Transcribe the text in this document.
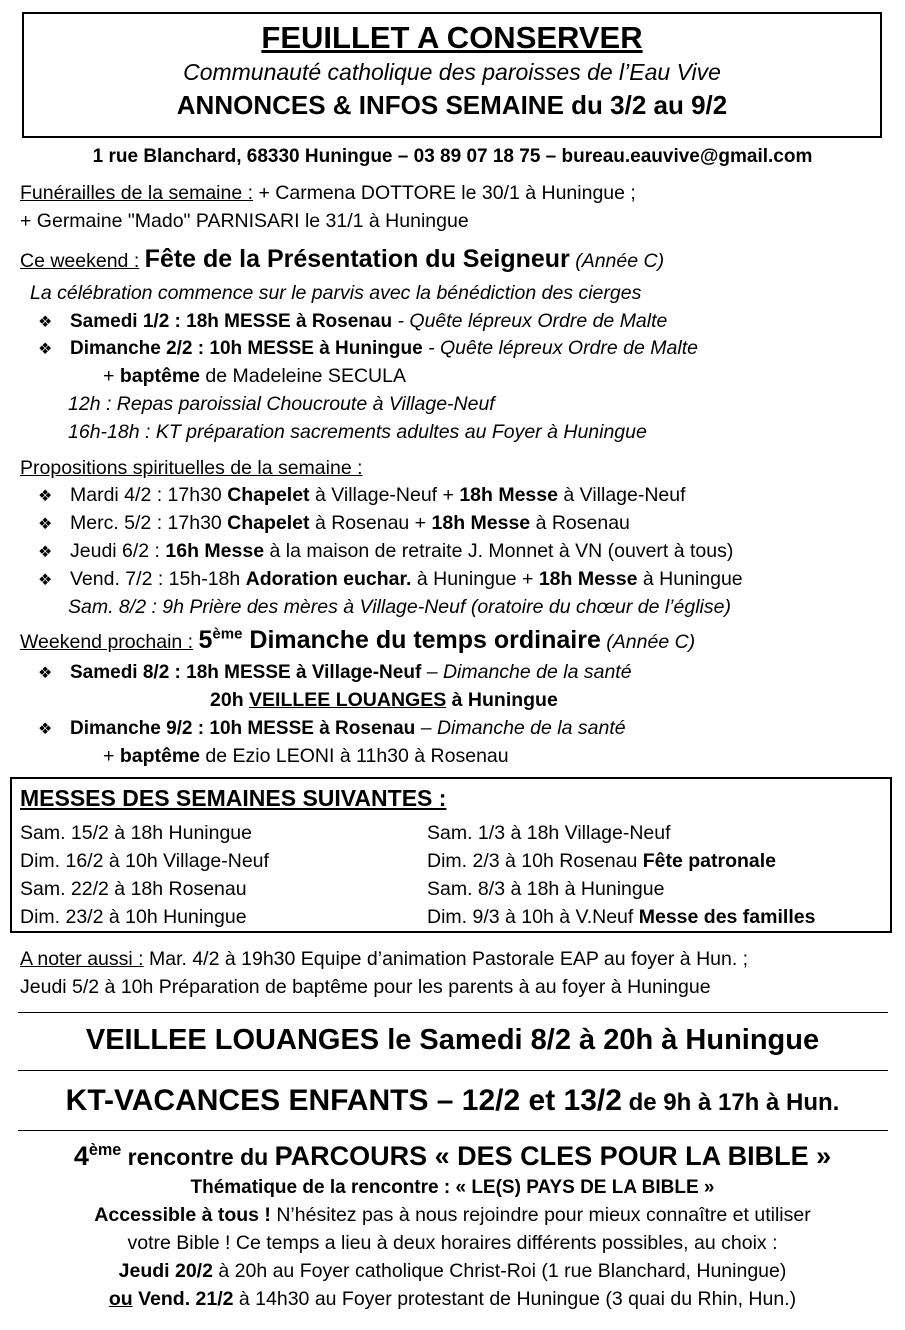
FEUILLET A CONSERVER
Communauté catholique des paroisses de l’Eau Vive
ANNONCES & INFOS SEMAINE du 3/2 au 9/2
1 rue Blanchard, 68330 Huningue – 03 89 07 18 75 – bureau.eauvive@gmail.com
Funérailles de la semaine : + Carmena DOTTORE le 30/1 à Huningue ;
+ Germaine "Mado" PARNISARI le 31/1 à Huningue
Ce weekend : Fête de la Présentation du Seigneur (Année C)
La célébration commence sur le parvis avec la bénédiction des cierges
❖ Samedi 1/2 : 18h MESSE à Rosenau - Quête lépreux Ordre de Malte
❖ Dimanche 2/2 : 10h MESSE à Huningue - Quête lépreux Ordre de Malte
+ baptême de Madeleine SECULA
12h : Repas paroissial Choucroute à Village-Neuf
16h-18h : KT préparation sacrements adultes au Foyer à Huningue
Propositions spirituelles de la semaine :
❖ Mardi 4/2 : 17h30 Chapelet à Village-Neuf + 18h Messe à Village-Neuf
❖ Merc. 5/2 : 17h30 Chapelet à Rosenau + 18h Messe à Rosenau
❖ Jeudi 6/2 : 16h Messe à la maison de retraite J. Monnet à VN (ouvert à tous)
❖ Vend. 7/2 : 15h-18h Adoration euchar. à Huningue + 18h Messe à Huningue
Sam. 8/2 : 9h Prière des mères à Village-Neuf (oratoire du chœur de l’église)
Weekend prochain : 5ème Dimanche du temps ordinaire (Année C)
❖ Samedi 8/2 : 18h MESSE à Village-Neuf – Dimanche de la santé
20h VEILLEE LOUANGES à Huningue
❖ Dimanche 9/2 : 10h MESSE à Rosenau – Dimanche de la santé
+ baptême de Ezio LEONI à 11h30 à Rosenau
MESSES DES SEMAINES SUIVANTES :
Sam. 15/2 à 18h Huningue
Dim. 16/2 à 10h Village-Neuf
Sam. 22/2 à 18h Rosenau
Dim. 23/2 à 10h Huningue
Sam. 1/3 à 18h Village-Neuf
Dim. 2/3 à 10h Rosenau Fête patronale
Sam. 8/3 à 18h à Huningue
Dim. 9/3 à 10h à V.Neuf Messe des familles
A noter aussi : Mar. 4/2 à 19h30 Equipe d’animation Pastorale EAP au foyer à Hun. ;
Jeudi 5/2 à 10h Préparation de baptême pour les parents à au foyer à Huningue
VEILLEE LOUANGES le Samedi 8/2 à 20h à Huningue
KT-VACANCES ENFANTS – 12/2 et 13/2 de 9h à 17h à Hun.
4ème rencontre du PARCOURS « DES CLES POUR LA BIBLE »
Thématique de la rencontre : « LE(S) PAYS DE LA BIBLE »
Accessible à tous ! N’hésitez pas à nous rejoindre pour mieux connaître et utiliser
votre Bible ! Ce temps a lieu à deux horaires différents possibles, au choix :
Jeudi 20/2 à 20h au Foyer catholique Christ-Roi (1 rue Blanchard, Huningue)
ou Vend. 21/2 à 14h30 au Foyer protestant de Huningue (3 quai du Rhin, Hun.)
